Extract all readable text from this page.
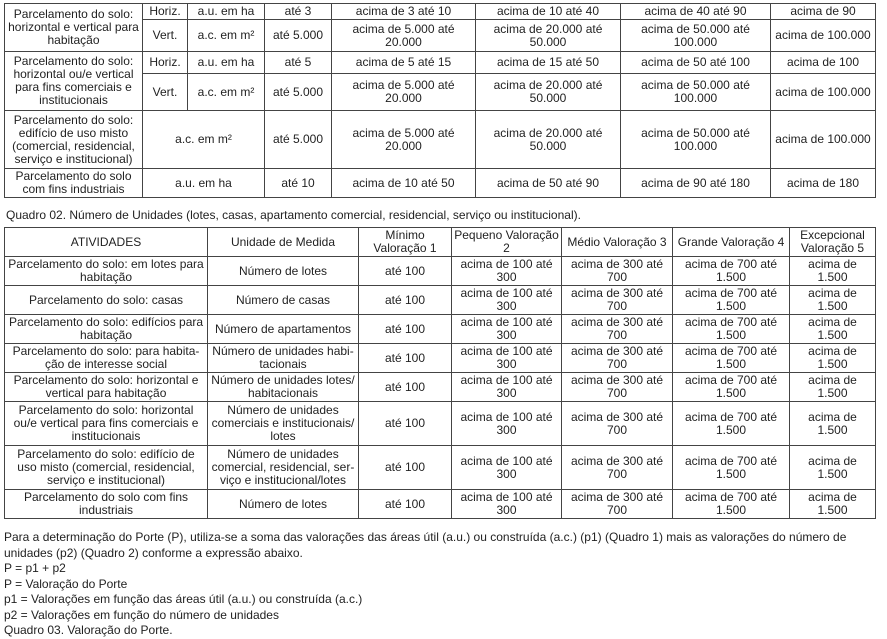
Parcelamento do solo: horizontal e vertical para habitação	Horiz.	a.u. em ha	até 3	acima de 3 até 10	acima de 10 até 40	acima de 40 até 90	acima de 90
	Vert.	a.c. em m²	até 5.000	acima de 5.000 até 20.000	acima de 20.000 até 50.000	acima de 50.000 até 100.000	acima de 100.000
Parcelamento do solo: horizontal ou/e vertical para fins comerciais e institucionais	Horiz.	a.u. em ha	até 5	acima de 5 até 15	acima de 15 até 50	acima de 50 até 100	acima de 100
	Vert.	a.c. em m²	até 5.000	acima de 5.000 até 20.000	acima de 20.000 até 50.000	acima de 50.000 até 100.000	acima de 100.000
Parcelamento do solo: edifício de uso misto (comercial, residencial, serviço e institucional)	a.c. em m²		até 5.000	acima de 5.000 até 20.000	acima de 20.000 até 50.000	acima de 50.000 até 100.000	acima de 100.000
Parcelamento do solo com fins industriais	a.u. em ha		até 10	acima de 10 até 50	acima de 50 até 90	acima de 90 até 180	acima de 180
Quadro 02. Número de Unidades (lotes, casas, apartamento comercial, residencial, serviço ou institucional).
ATIVIDADES	Unidade de Medida	Mínimo Valoração 1	Pequeno Valoração 2	Médio Valoração 3	Grande Valoração 4	Excepcional Valoração 5
Parcelamento do solo: em lotes para habitação	Número de lotes	até 100	acima de 100 até 300	acima de 300 até 700	acima de 700 até 1.500	acima de 1.500
Parcelamento do solo: casas	Número de casas	até 100	acima de 100 até 300	acima de 300 até 700	acima de 700 até 1.500	acima de 1.500
Parcelamento do solo: edifícios para habitação	Número de apartamentos	até 100	acima de 100 até 300	acima de 300 até 700	acima de 700 até 1.500	acima de 1.500
Parcelamento do solo: para habita- ção de interesse social	Número de unidades habi- tacionais	até 100	acima de 100 até 300	acima de 300 até 700	acima de 700 até 1.500	acima de 1.500
Parcelamento do solo: horizontal e vertical para habitação	Número de unidades lotes/ habitacionais	até 100	acima de 100 até 300	acima de 300 até 700	acima de 700 até 1.500	acima de 1.500
Parcelamento do solo: horizontal ou/e vertical para fins comerciais e institucionais	Número de unidades comerciais e institucionais/ lotes	até 100	acima de 100 até 300	acima de 300 até 700	acima de 700 até 1.500	acima de 1.500
Parcelamento do solo: edifício de uso misto (comercial, residencial, serviço e institucional)	Número de unidades comercial, residencial, ser- viço e institucional/lotes	até 100	acima de 100 até 300	acima de 300 até 700	acima de 700 até 1.500	acima de 1.500
Parcelamento do solo com fins industriais	Número de lotes	até 100	acima de 100 até 300	acima de 300 até 700	acima de 700 até 1.500	acima de 1.500

Para a determinação do Porte (P), utiliza-se a soma das valorações das áreas útil (a.u.) ou construída (a.c.) (p1) (Quadro 1) mais as valorações do número de unidades (p2) (Quadro 2) conforme a expressão abaixo.

P = p1 + p2

P = Valoração do Porte

p1 = Valorações em função das áreas útil (a.u.) ou construída (a.c.)

p2 = Valorações em função do número de unidades

Quadro 03. Valoração do Porte.
